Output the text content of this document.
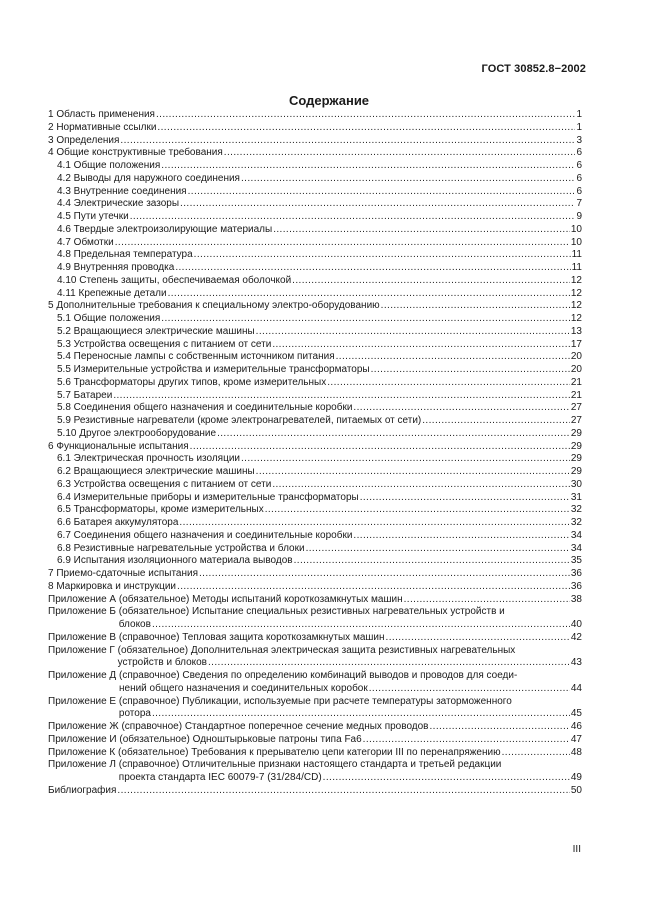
ГОСТ 30852.8−2002
Содержание
1 Область применения .....	1
2 Нормативные ссылки .....	1
3 Определения .....	3
4 Общие конструктивные требования .....	6
4.1 Общие положения .....	6
4.2 Выводы для наружного соединения .....	6
4.3 Внутренние соединения .....	6
4.4 Электрические зазоры .....	7
4.5 Пути утечки .....	9
4.6 Твердые электроизолирующие материалы .....	10
4.7 Обмотки .....	10
4.8 Предельная температура .....	11
4.9 Внутренняя проводка .....	11
4.10 Степень защиты, обеспечиваемая оболочкой .....	12
4.11 Крепежные детали .....	12
5 Дополнительные требования к специальному электро-оборудованию .....	12
5.1 Общие положения .....	12
5.2 Вращающиеся электрические машины .....	13
5.3 Устройства освещения с питанием от сети .....	17
5.4 Переносные лампы с собственным источником питания .....	20
5.5 Измерительные устройства и измерительные трансформаторы .....	20
5.6 Трансформаторы других типов, кроме измерительных .....	21
5.7 Батареи .....	21
5.8 Соединения общего назначения и соединительные коробки .....	27
5.9 Резистивные нагреватели (кроме электронагревателей, питаемых от сети) .....	27
5.10 Другое электрооборудование .....	29
6 Функциональные испытания .....	29
6.1 Электрическая прочность изоляции .....	29
6.2 Вращающиеся электрические машины .....	29
6.3 Устройства освещения с питанием от сети .....	30
6.4 Измерительные приборы и измерительные трансформаторы .....	31
6.5 Трансформаторы, кроме измерительных .....	32
6.6 Батарея аккумулятора .....	32
6.7 Соединения общего назначения и соединительные коробки .....	34
6.8 Резистивные нагревательные устройства и блоки .....	34
6.9 Испытания изоляционного материала выводов .....	35
7 Приемо-сдаточные испытания .....	36
8 Маркировка и инструкции .....	36
Приложение А (обязательное) Методы испытаний короткозамкнутых машин .....	38
Приложение Б (обязательное) Испытание специальных резистивных нагревательных устройств и
блоков .....	40
Приложение В (справочное) Тепловая защита короткозамкнутых машин .....	42
Приложение Г (обязательное) Дополнительная электрическая защита резистивных нагревательных
устройств и блоков .....	43
Приложение Д (справочное) Сведения по определению комбинаций выводов и проводов для соеди-
нений общего назначения и соединительных коробок .....	44
Приложение Е (справочное) Публикации, используемые при расчете температуры заторможенного
ротора .....	45
Приложение Ж (справочное) Стандартное поперечное сечение медных проводов .....	46
Приложение И (обязательное) Одноштырьковые патроны типа Fa6 .....	47
Приложение К (обязательное) Требования к прерывателю цепи категории III по перенапряжению .....	48
Приложение Л (справочное) Отличительные признаки настоящего стандарта и третьей редакции
проекта стандарта IEC 60079-7 (31/284/CD) .....	49
Библиография .....	50
III
